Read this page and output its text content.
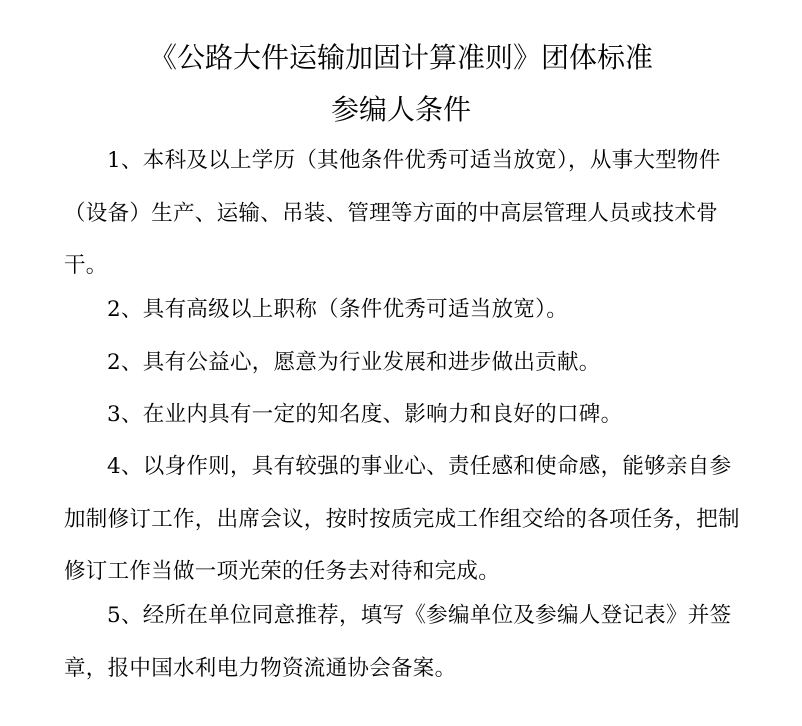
《公路大件运输加固计算准则》团体标准
参编人条件

1、本科及以上学历（其他条件优秀可适当放宽），从事大型物件（设备）生产、运输、吊装、管理等方面的中高层管理人员或技术骨干。

2、具有高级以上职称（条件优秀可适当放宽）。

2、具有公益心，愿意为行业发展和进步做出贡献。

3、在业内具有一定的知名度、影响力和良好的口碑。

4、以身作则，具有较强的事业心、责任感和使命感，能够亲自参加制修订工作，出席会议，按时按质完成工作组交给的各项任务，把制修订工作当做一项光荣的任务去对待和完成。

5、经所在单位同意推荐，填写《参编单位及参编人登记表》并签章，报中国水利电力物资流通协会备案。
